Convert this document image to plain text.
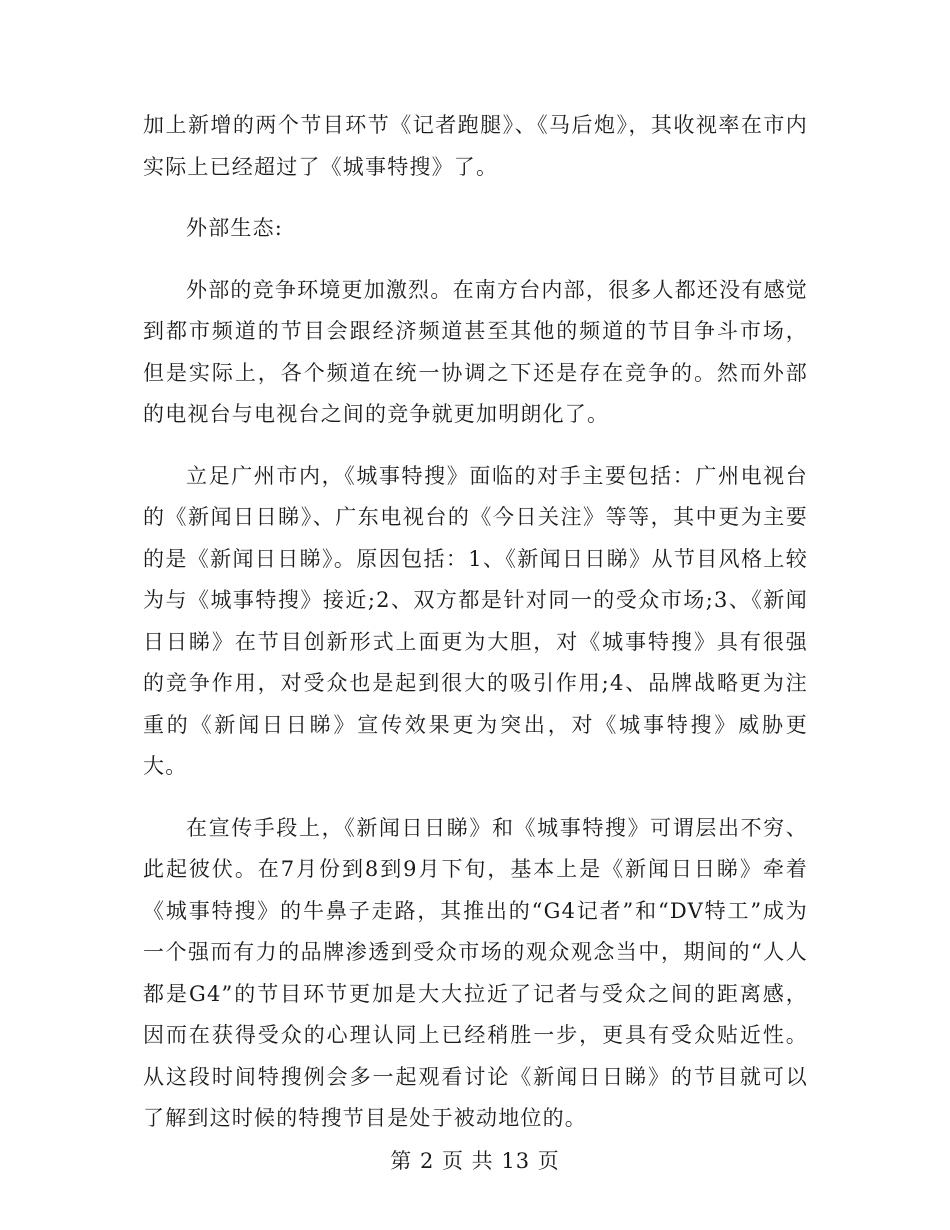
加上新增的两个节目环节《记者跑腿》、《马后炮》，其收视率在市内实际上已经超过了《城事特搜》了。

外部生态:

外部的竞争环境更加激烈。在南方台内部，很多人都还没有感觉到都市频道的节目会跟经济频道甚至其他的频道的节目争斗市场，但是实际上，各个频道在统一协调之下还是存在竞争的。然而外部的电视台与电视台之间的竞争就更加明朗化了。

立足广州市内，《城事特搜》面临的对手主要包括：广州电视台的《新闻日日睇》、广东电视台的《今日关注》等等，其中更为主要的是《新闻日日睇》。原因包括：1、《新闻日日睇》从节目风格上较为与《城事特搜》接近;2、双方都是针对同一的受众市场;3、《新闻日日睇》在节目创新形式上面更为大胆，对《城事特搜》具有很强的竞争作用，对受众也是起到很大的吸引作用;4、品牌战略更为注重的《新闻日日睇》宣传效果更为突出，对《城事特搜》威胁更大。

在宣传手段上，《新闻日日睇》和《城事特搜》可谓层出不穷、此起彼伏。在7月份到8到9月下旬，基本上是《新闻日日睇》牵着《城事特搜》的牛鼻子走路，其推出的“G4记者”和“DV特工”成为一个强而有力的品牌渗透到受众市场的观众观念当中，期间的“人人都是G4”的节目环节更加是大大拉近了记者与受众之间的距离感，因而在获得受众的心理认同上已经稍胜一步，更具有受众贴近性。从这段时间特搜例会多一起观看讨论《新闻日日睇》的节目就可以了解到这时候的特搜节目是处于被动地位的。

第 2 页 共 13 页
